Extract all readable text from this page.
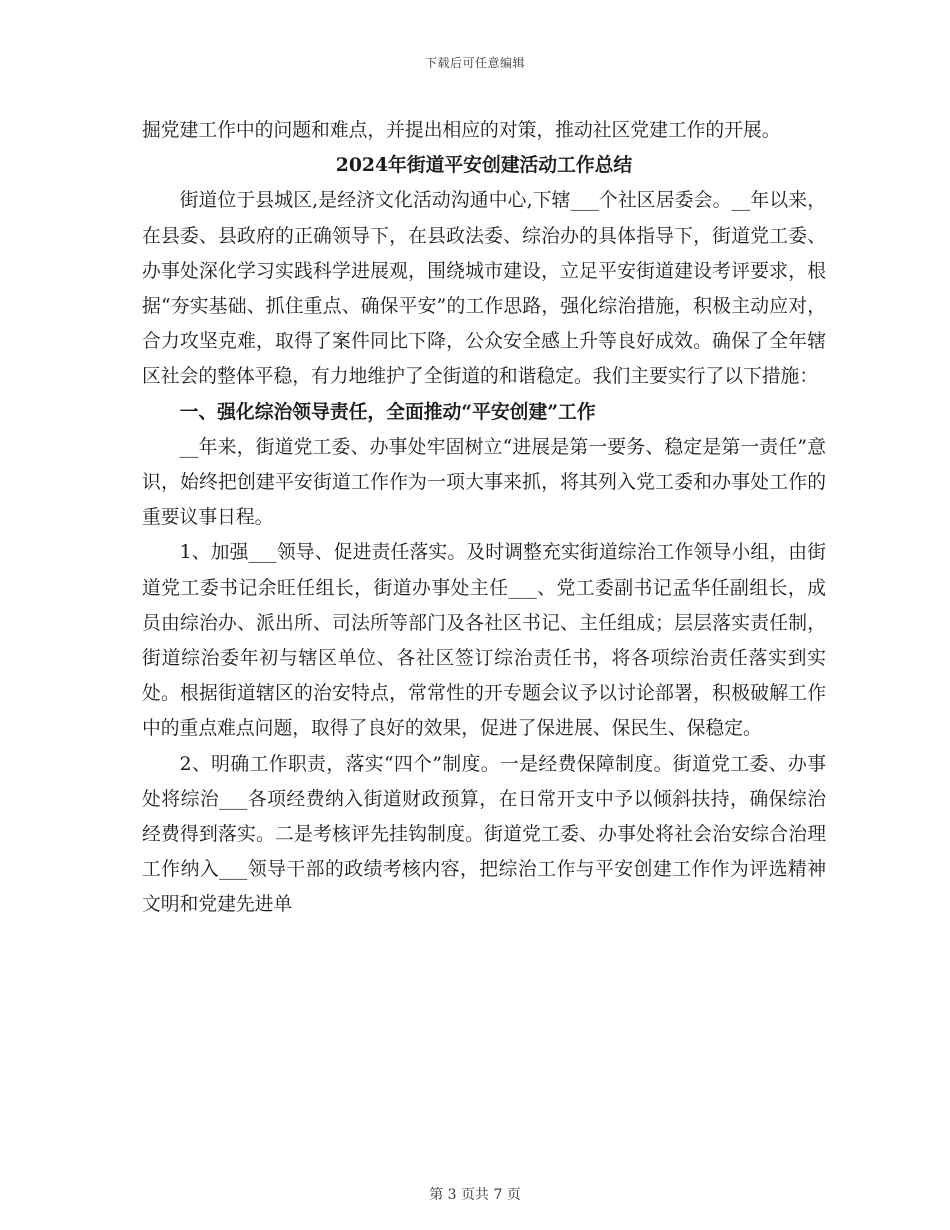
下载后可任意编辑

掘党建工作中的问题和难点，并提出相应的对策，推动社区党建工作的开展。

2024年街道平安创建活动工作总结

街道位于县城区,是经济文化活动沟通中心,下辖___个社区居委会。__年以来，在县委、县政府的正确领导下，在县政法委、综治办的具体指导下，街道党工委、办事处深化学习实践科学进展观，围绕城市建设，立足平安街道建设考评要求，根据“夯实基础、抓住重点、确保平安”的工作思路，强化综治措施，积极主动应对，合力攻坚克难，取得了案件同比下降，公众安全感上升等良好成效。确保了全年辖区社会的整体平稳，有力地维护了全街道的和谐稳定。我们主要实行了以下措施：

一、强化综治领导责任，全面推动“平安创建”工作

__年来，街道党工委、办事处牢固树立“进展是第一要务、稳定是第一责任”意识，始终把创建平安街道工作作为一项大事来抓，将其列入党工委和办事处工作的重要议事日程。

1、加强___领导、促进责任落实。及时调整充实街道综治工作领导小组，由街道党工委书记余旺任组长，街道办事处主任___、党工委副书记孟华任副组长，成员由综治办、派出所、司法所等部门及各社区书记、主任组成；层层落实责任制，街道综治委年初与辖区单位、各社区签订综治责任书，将各项综治责任落实到实处。根据街道辖区的治安特点，常常性的开专题会议予以讨论部署，积极破解工作中的重点难点问题，取得了良好的效果，促进了保进展、保民生、保稳定。

2、明确工作职责，落实“四个”制度。一是经费保障制度。街道党工委、办事处将综治___各项经费纳入街道财政预算，在日常开支中予以倾斜扶持，确保综治经费得到落实。二是考核评先挂钩制度。街道党工委、办事处将社会治安综合治理工作纳入___领导干部的政绩考核内容，把综治工作与平安创建工作作为评选精神文明和党建先进单

第 3 页共 7 页
